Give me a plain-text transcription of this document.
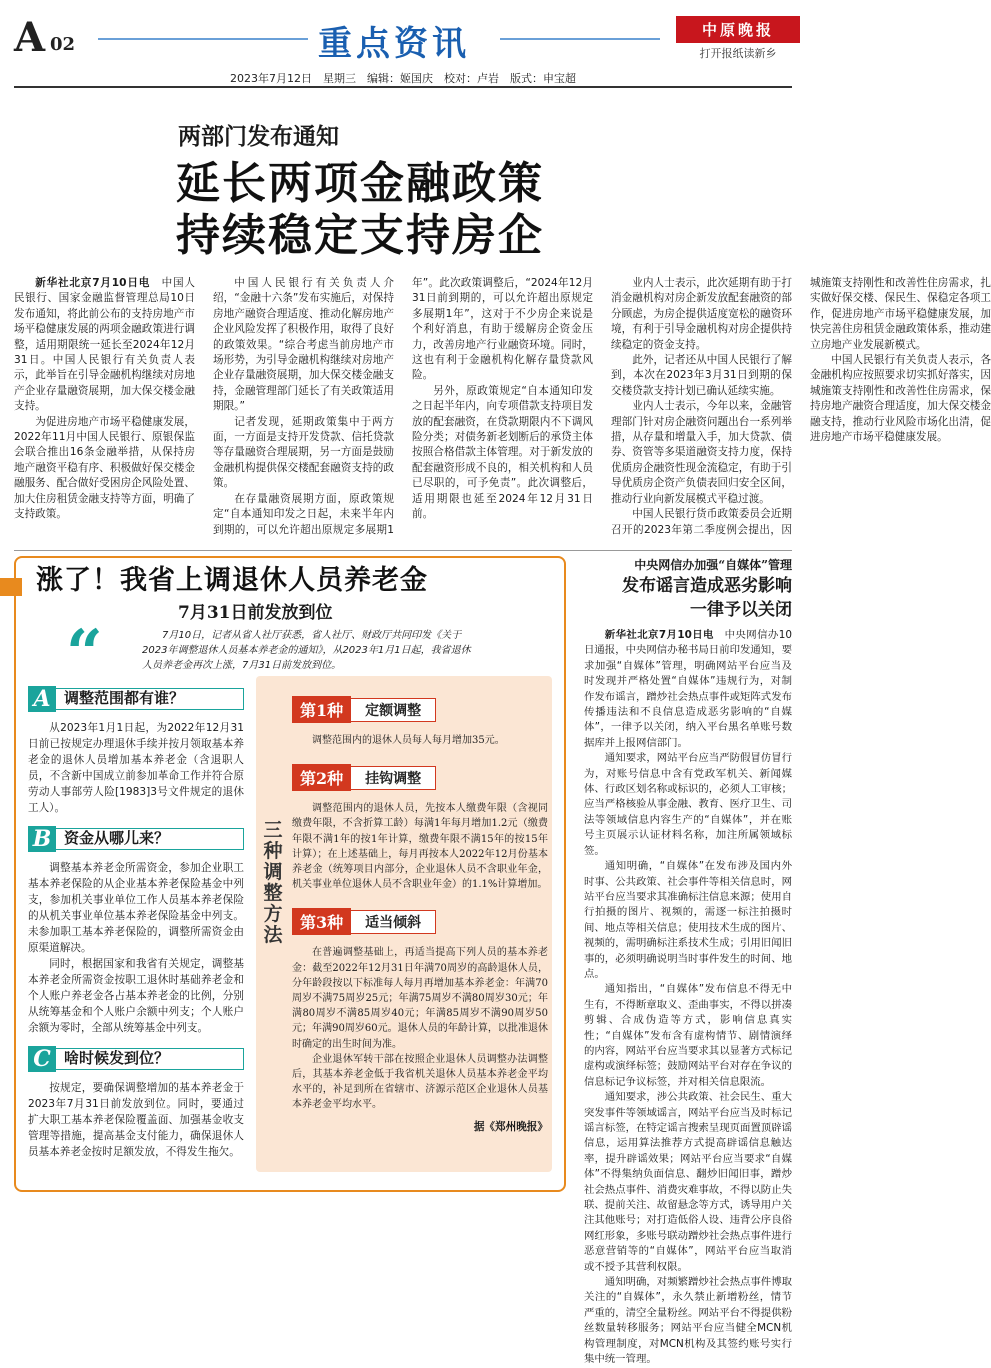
A 02	重点资讯	中原晚报
打开报纸读新乡
2023年7月12日　星期三　编辑：姬国庆　校对：卢岩　版式：申宝超
两部门发布通知
延长两项金融政策
持续稳定支持房企

新华社北京7月10日电　中国人民银行、国家金融监督管理总局10日发布通知，将此前公布的支持房地产市场平稳健康发展的两项金融政策进行调整，适用期限统一延长至2024年12月31日。中国人民银行有关负责人表示，此举旨在引导金融机构继续对房地产企业存量融资展期，加大保交楼金融支持。

为促进房地产市场平稳健康发展，2022年11月中国人民银行、原银保监会联合推出16条金融举措，从保持房地产融资平稳有序、积极做好保交楼金融服务、配合做好受困房企风险处置、加大住房租赁金融支持等方面，明确了支持政策。

中国人民银行有关负责人介绍，“金融十六条”发布实施后，对保持房地产融资合理适度、推动化解房地产企业风险发挥了积极作用，取得了良好的政策效果。“综合考虑当前房地产市场形势，为引导金融机构继续对房地产企业存量融资展期，加大保交楼金融支持，金融管理部门延长了有关政策适用期限。”

记者发现，延期政策集中于两方面，一方面是支持开发贷款、信托贷款等存量融资合理展期，另一方面是鼓励金融机构提供保交楼配套融资支持的政策。

在存量融资展期方面，原政策规定“自本通知印发之日起，未来半年内到期的，可以允许超出原规定多展期1年”。此次政策调整后，“2024年12月31日前到期的，可以允许超出原规定多展期1年”，这对于不少房企来说是个利好消息，有助于缓解房企资金压力，改善房地产行业融资环境。同时，这也有利于金融机构化解存量贷款风险。

另外，原政策规定“自本通知印发之日起半年内，向专项借款支持项目发放的配套融资，在贷款期限内不下调风险分类；对债务新老划断后的承贷主体按照合格借款主体管理。对于新发放的配套融资形成不良的，相关机构和人员已尽职的，可予免责”。此次调整后，适用期限也延至2024年12月31日前。

业内人士表示，此次延期有助于打消金融机构对房企新发放配套融资的部分顾虑，为房企提供适度宽松的融资环境，有利于引导金融机构对房企提供持续稳定的资金支持。

此外，记者还从中国人民银行了解到，本次在2023年3月31日到期的保交楼贷款支持计划已确认延续实施。

业内人士表示，今年以来，金融管理部门针对房企融资问题出台一系列举措，从存量和增量入手，加大贷款、债券、资管等多渠道融资支持力度，保持优质房企融资性现金流稳定，有助于引导优质房企资产负债表回归安全区间，推动行业向新发展模式平稳过渡。

中国人民银行货币政策委员会近期召开的2023年第二季度例会提出，因城施策支持刚性和改善性住房需求，扎实做好保交楼、保民生、保稳定各项工作，促进房地产市场平稳健康发展，加快完善住房租赁金融政策体系，推动建立房地产业发展新模式。

中国人民银行有关负责人表示，各金融机构应按照要求切实抓好落实，因城施策支持刚性和改善性住房需求，保持房地产融资合理适度，加大保交楼金融支持，推动行业风险市场化出清，促进房地产市场平稳健康发展。

涨了！我省上调退休人员养老金
7月31日前发放到位
“	7月10日，记者从省人社厅获悉，省人社厅、财政厅共同印发《关于2023年调整退休人员基本养老金的通知》，从2023年1月1日起，我省退休人员养老金再次上涨，7月31日前发放到位。
A 调整范围都有谁？

从2023年1月1日起，为2022年12月31日前已按规定办理退休手续并按月领取基本养老金的退休人员增加基本养老金（含退职人员，不含新中国成立前参加革命工作并符合原劳动人事部劳人险[1983]3号文件规定的退休工人）。

B 资金从哪儿来？

调整基本养老金所需资金，参加企业职工基本养老保险的从企业基本养老保险基金中列支，参加机关事业单位工作人员基本养老保险的从机关事业单位基本养老保险基金中列支。未参加职工基本养老保险的，调整所需资金由原渠道解决。

同时，根据国家和我省有关规定，调整基本养老金所需资金按职工退休时基础养老金和个人账户养老金各占基本养老金的比例，分别从统筹基金和个人账户余额中列支；个人账户余额为零时，全部从统筹基金中列支。

C 啥时候发到位？

按规定，要确保调整增加的基本养老金于2023年7月31日前发放到位。同时，要通过扩大职工基本养老保险覆盖面、加强基金收支管理等措施，提高基金支付能力，确保退休人员基本养老金按时足额发放，不得发生拖欠。

三
种
调
整
方
法
第1种	定额调整

调整范围内的退休人员每人每月增加35元。

第2种	挂钩调整

调整范围内的退休人员，先按本人缴费年限（含视同缴费年限，不含折算工龄）每满1年每月增加1.2元（缴费年限不满1年的按1年计算，缴费年限不满15年的按15年计算）；在上述基础上，每月再按本人2022年12月份基本养老金（统筹项目内部分，企业退休人员不含职业年金，机关事业单位退休人员不含职业年金）的1.1%计算增加。

第3种	适当倾斜

在普遍调整基础上，再适当提高下列人员的基本养老金：截至2022年12月31日年满70周岁的高龄退休人员，分年龄段按以下标准每人每月再增加基本养老金：年满70周岁不满75周岁25元；年满75周岁不满80周岁30元；年满80周岁不满85周岁40元；年满85周岁不满90周岁50元；年满90周岁60元。退休人员的年龄计算，以批准退休时确定的出生时间为准。

企业退休军转干部在按照企业退休人员调整办法调整后，其基本养老金低于我省机关退休人员基本养老金平均水平的，补足到所在省辖市、济源示范区企业退休人员基本养老金平均水平。

据《郑州晚报》
中央网信办加强“自媒体”管理
发布谣言造成恶劣影响
一律予以关闭

新华社北京7月10日电　中央网信办10日通报，中央网信办秘书局日前印发通知，要求加强“自媒体”管理，明确网站平台应当及时发现并严格处置“自媒体”违规行为，对制作发布谣言，蹭炒社会热点事件或矩阵式发布传播违法和不良信息造成恶劣影响的“自媒体”，一律予以关闭，纳入平台黑名单账号数据库并上报网信部门。

通知要求，网站平台应当严防假冒仿冒行为，对账号信息中含有党政军机关、新闻媒体、行政区划名称或标识的，必须人工审核；应当严格核验从事金融、教育、医疗卫生、司法等领域信息内容生产的“自媒体”，并在账号主页展示认证材料名称，加注所属领域标签。

通知明确，“自媒体”在发布涉及国内外时事、公共政策、社会事件等相关信息时，网站平台应当要求其准确标注信息来源；使用自行拍摄的图片、视频的，需逐一标注拍摄时间、地点等相关信息；使用技术生成的图片、视频的，需明确标注系技术生成；引用旧闻旧事的，必须明确说明当时事件发生的时间、地点。

通知指出，“自媒体”发布信息不得无中生有，不得断章取义、歪曲事实，不得以拼凑剪辑、合成伪造等方式，影响信息真实性；“自媒体”发布含有虚构情节、剧情演绎的内容，网站平台应当要求其以显著方式标记虚构或演绎标签；鼓励网站平台对存在争议的信息标记争议标签，并对相关信息限流。

通知要求，涉公共政策、社会民生、重大突发事件等领域谣言，网站平台应当及时标记谣言标签，在特定谣言搜索呈现页面置顶辟谣信息，运用算法推荐方式提高辟谣信息触达率，提升辟谣效果；网站平台应当要求“自媒体”不得集纳负面信息、翻炒旧闻旧事，蹭炒社会热点事件、消费灾难事故，不得以防止失联、提前关注、故留悬念等方式，诱导用户关注其他账号；对打造低俗人设、违背公序良俗网红形象，多账号联动蹭炒社会热点事件进行恶意营销等的“自媒体”，网站平台应当取消或不授予其营利权限。

通知明确，对频繁蹭炒社会热点事件博取关注的“自媒体”，永久禁止新增粉丝，情节严重的，清空全量粉丝。网站平台不得提供粉丝数量转移服务；网站平台应当健全MCN机构管理制度，对MCN机构及其签约账号实行集中统一管理。
